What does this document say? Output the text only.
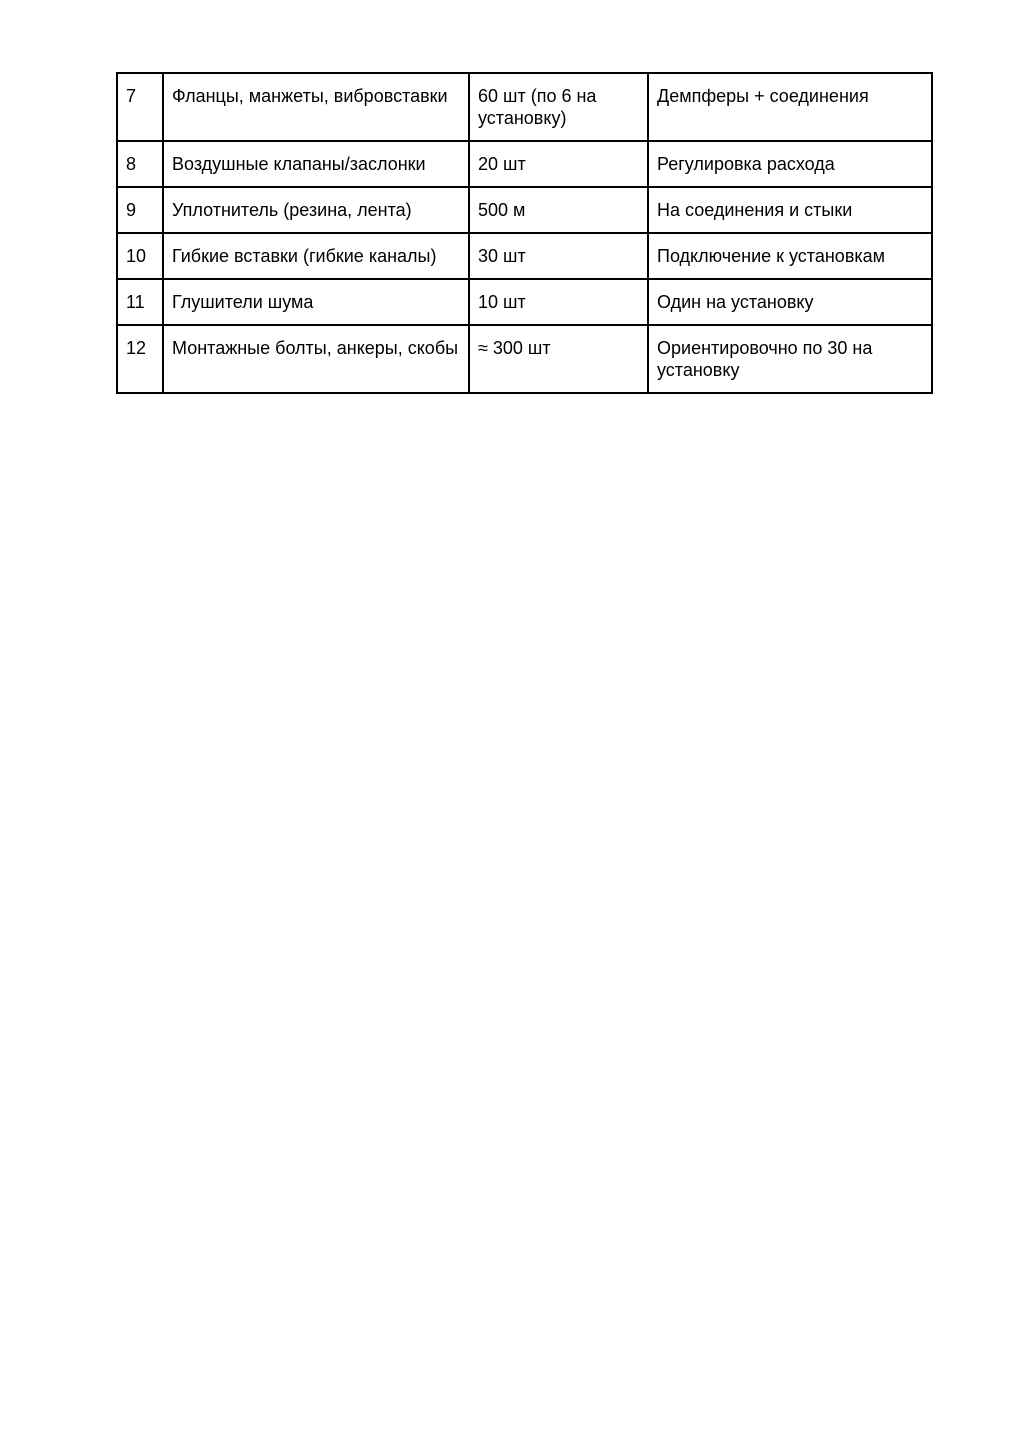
7	Фланцы, манжеты, вибровставки	60 шт (по 6 на установку)	Демпферы + соединения
8	Воздушные клапаны/заслонки	20 шт	Регулировка расхода
9	Уплотнитель (резина, лента)	500 м	На соединения и стыки
10	Гибкие вставки (гибкие каналы)	30 шт	Подключение к установкам
11	Глушители шума	10 шт	Один на установку
12	Монтажные болты, анкеры, скобы	≈ 300 шт	Ориентировочно по 30 на установку
